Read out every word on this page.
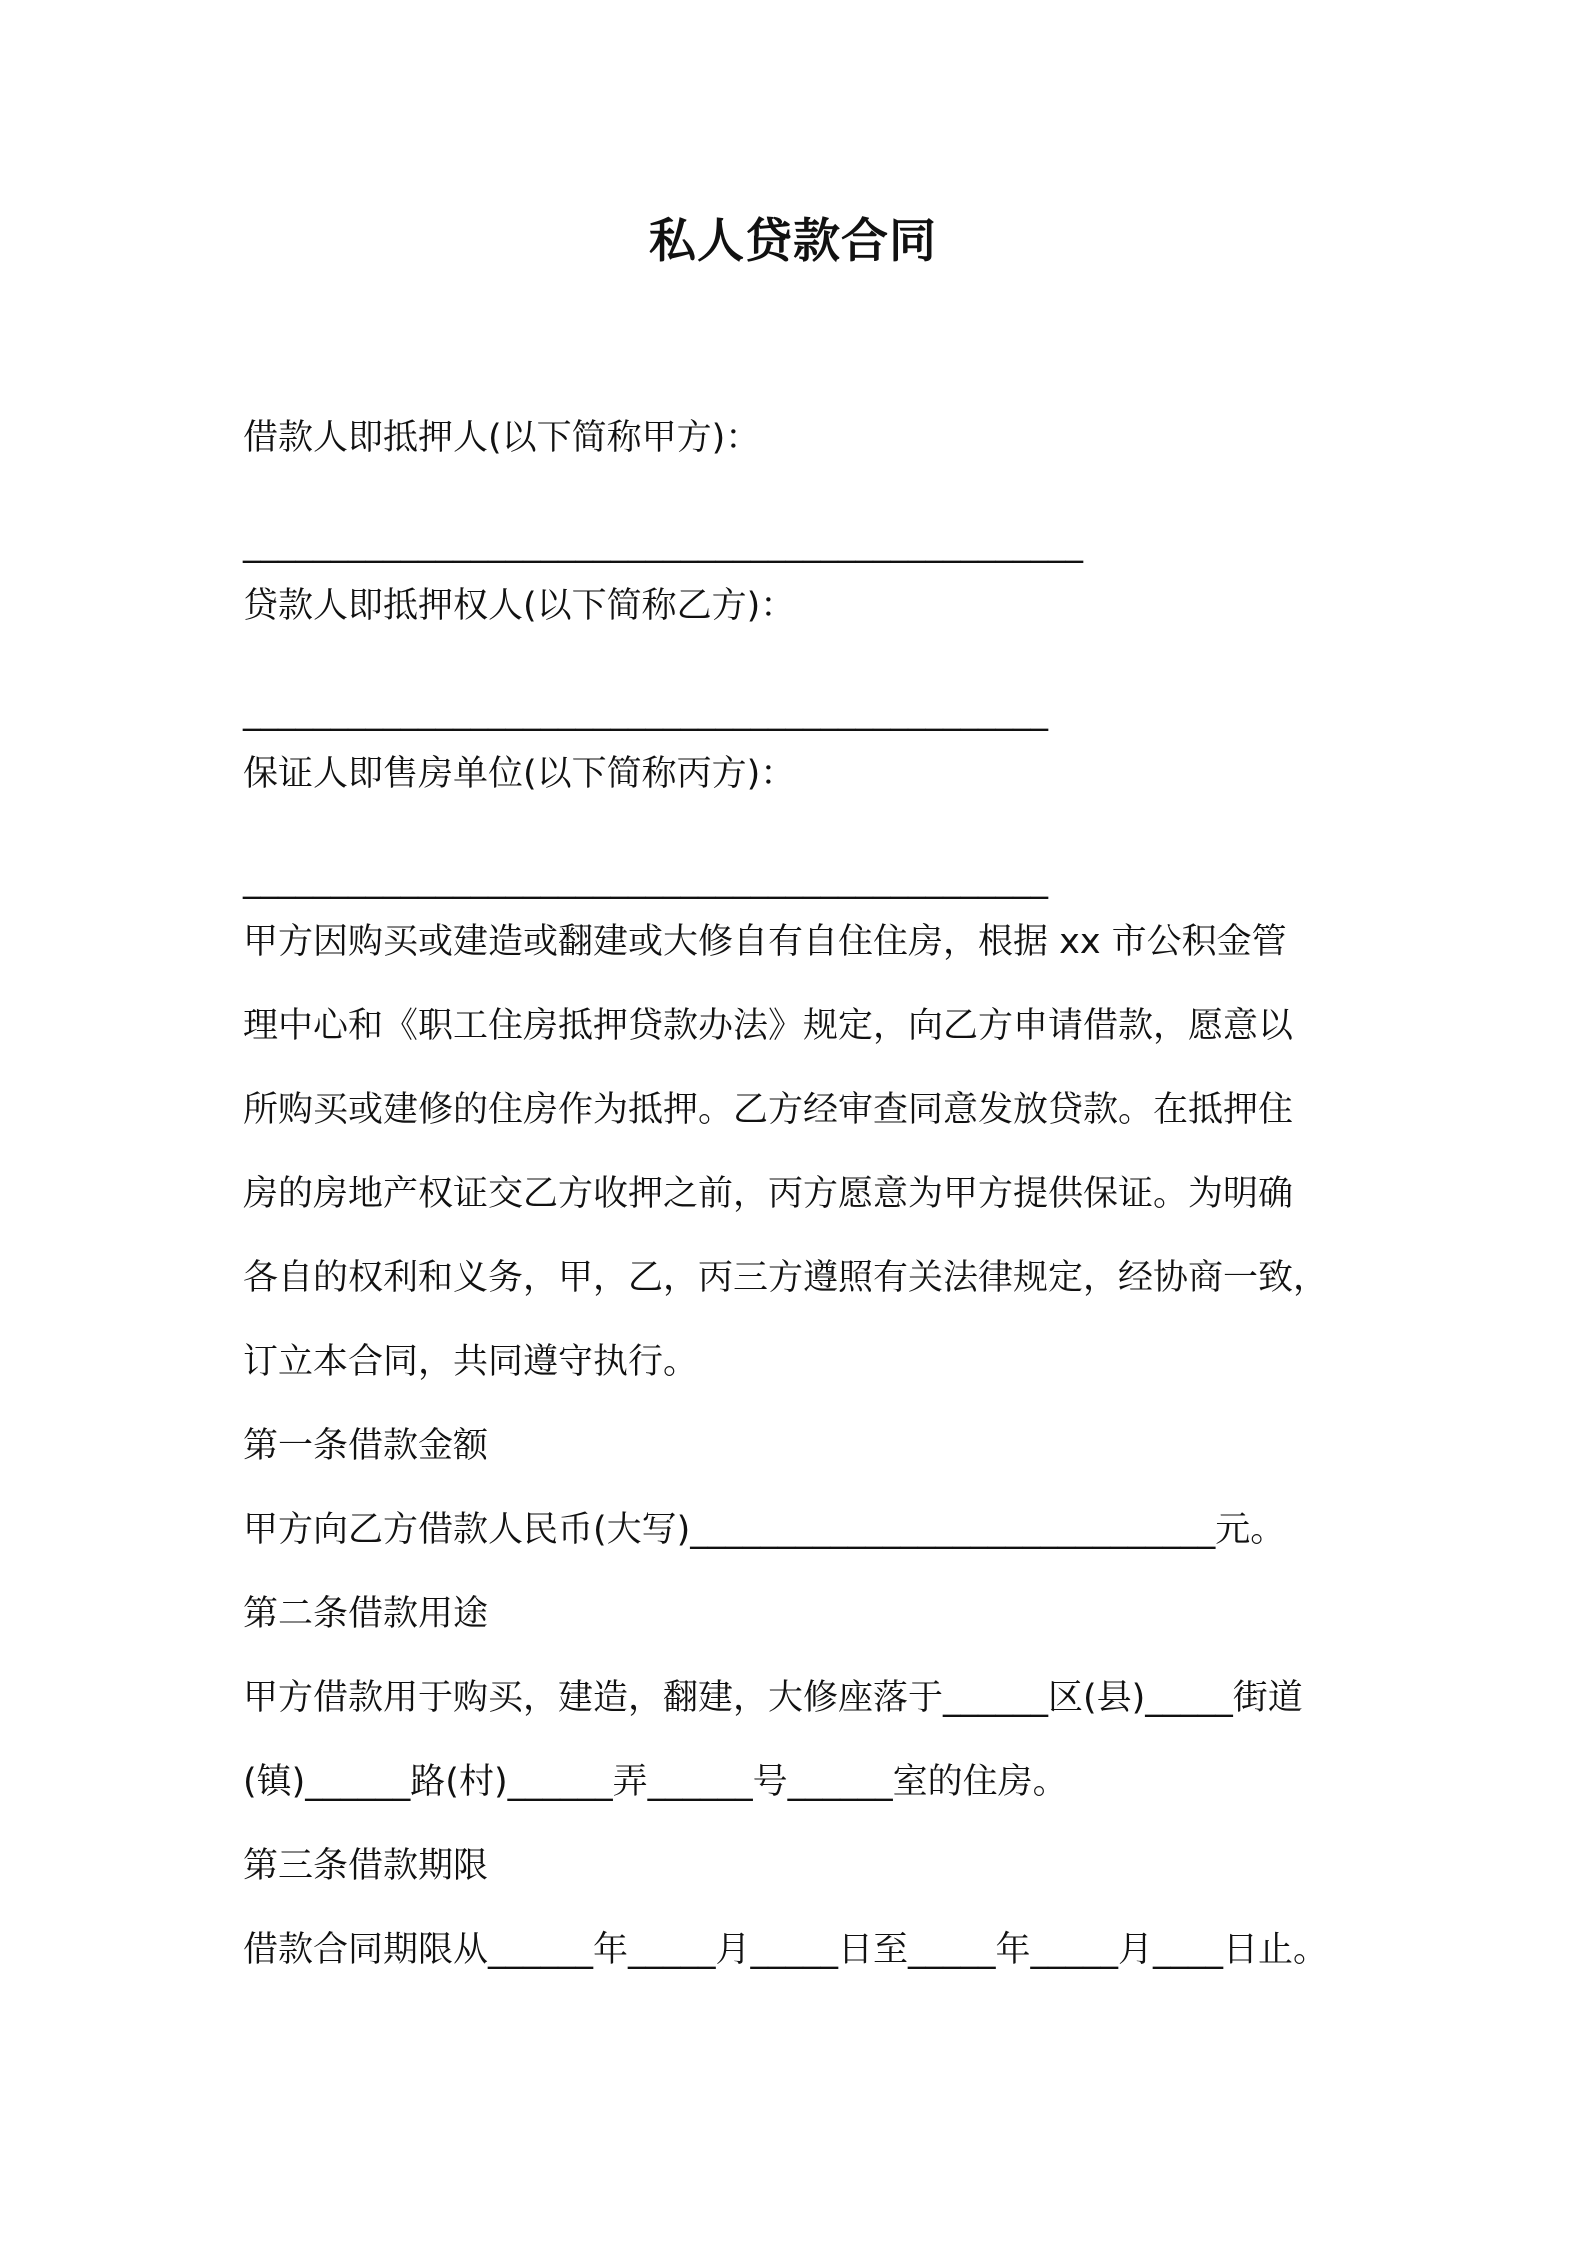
私人贷款合同
借款人即抵押人(以下简称甲方)：
________________________________________________
贷款人即抵押权人(以下简称乙方)：
______________________________________________
保证人即售房单位(以下简称丙方)：
______________________________________________
甲方因购买或建造或翻建或大修自有自住住房，根据 xx 市公积金管
理中心和《职工住房抵押贷款办法》规定，向乙方申请借款，愿意以
所购买或建修的住房作为抵押。乙方经审查同意发放贷款。在抵押住
房的房地产权证交乙方收押之前，丙方愿意为甲方提供保证。为明确
各自的权利和义务，甲，乙，丙三方遵照有关法律规定，经协商一致，
订立本合同，共同遵守执行。
第一条借款金额
甲方向乙方借款人民币(大写)______________________________元。
第二条借款用途
甲方借款用于购买，建造，翻建，大修座落于______区(县)_____街道
(镇)______路(村)______弄______号______室的住房。
第三条借款期限
借款合同期限从______年_____月_____日至_____年_____月____日止。
